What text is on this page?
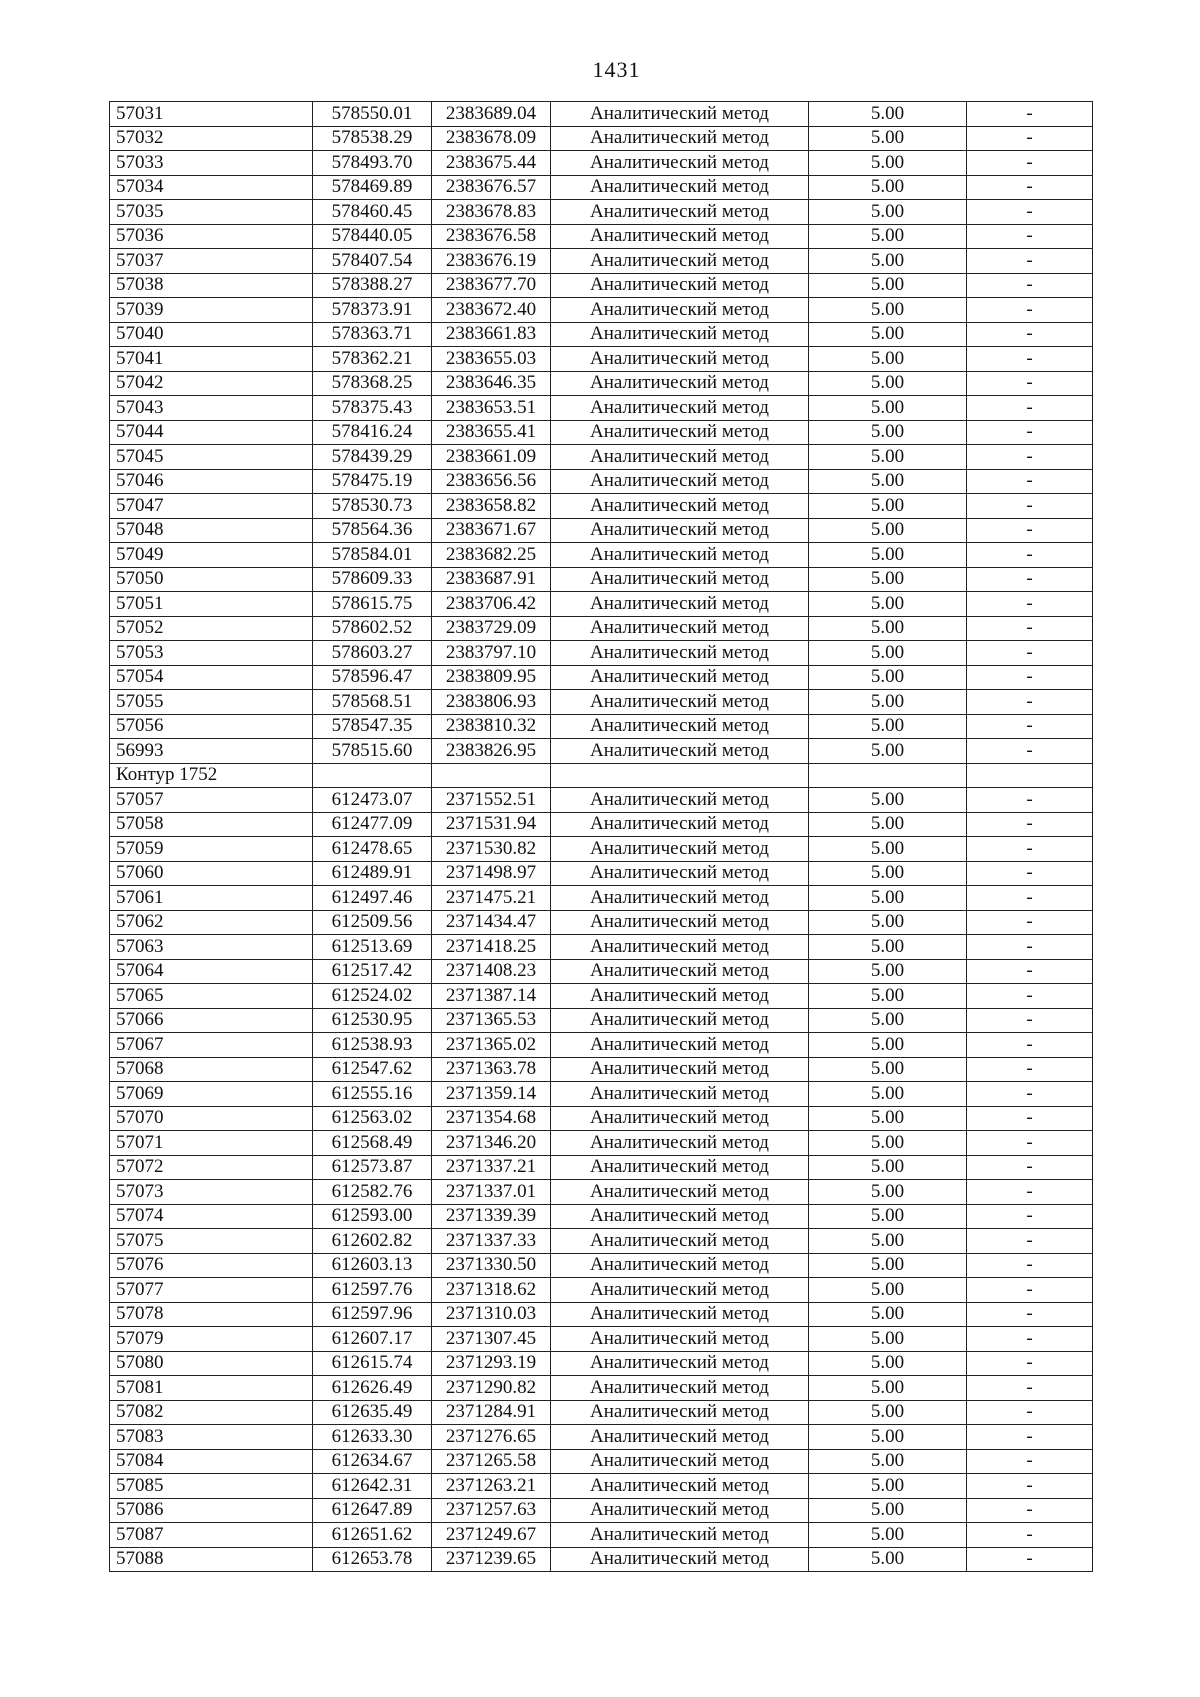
1431
57031	578550.01	2383689.04	Аналитический метод	5.00	-
57032	578538.29	2383678.09	Аналитический метод	5.00	-
57033	578493.70	2383675.44	Аналитический метод	5.00	-
57034	578469.89	2383676.57	Аналитический метод	5.00	-
57035	578460.45	2383678.83	Аналитический метод	5.00	-
57036	578440.05	2383676.58	Аналитический метод	5.00	-
57037	578407.54	2383676.19	Аналитический метод	5.00	-
57038	578388.27	2383677.70	Аналитический метод	5.00	-
57039	578373.91	2383672.40	Аналитический метод	5.00	-
57040	578363.71	2383661.83	Аналитический метод	5.00	-
57041	578362.21	2383655.03	Аналитический метод	5.00	-
57042	578368.25	2383646.35	Аналитический метод	5.00	-
57043	578375.43	2383653.51	Аналитический метод	5.00	-
57044	578416.24	2383655.41	Аналитический метод	5.00	-
57045	578439.29	2383661.09	Аналитический метод	5.00	-
57046	578475.19	2383656.56	Аналитический метод	5.00	-
57047	578530.73	2383658.82	Аналитический метод	5.00	-
57048	578564.36	2383671.67	Аналитический метод	5.00	-
57049	578584.01	2383682.25	Аналитический метод	5.00	-
57050	578609.33	2383687.91	Аналитический метод	5.00	-
57051	578615.75	2383706.42	Аналитический метод	5.00	-
57052	578602.52	2383729.09	Аналитический метод	5.00	-
57053	578603.27	2383797.10	Аналитический метод	5.00	-
57054	578596.47	2383809.95	Аналитический метод	5.00	-
57055	578568.51	2383806.93	Аналитический метод	5.00	-
57056	578547.35	2383810.32	Аналитический метод	5.00	-
56993	578515.60	2383826.95	Аналитический метод	5.00	-
Контур 1752					
57057	612473.07	2371552.51	Аналитический метод	5.00	-
57058	612477.09	2371531.94	Аналитический метод	5.00	-
57059	612478.65	2371530.82	Аналитический метод	5.00	-
57060	612489.91	2371498.97	Аналитический метод	5.00	-
57061	612497.46	2371475.21	Аналитический метод	5.00	-
57062	612509.56	2371434.47	Аналитический метод	5.00	-
57063	612513.69	2371418.25	Аналитический метод	5.00	-
57064	612517.42	2371408.23	Аналитический метод	5.00	-
57065	612524.02	2371387.14	Аналитический метод	5.00	-
57066	612530.95	2371365.53	Аналитический метод	5.00	-
57067	612538.93	2371365.02	Аналитический метод	5.00	-
57068	612547.62	2371363.78	Аналитический метод	5.00	-
57069	612555.16	2371359.14	Аналитический метод	5.00	-
57070	612563.02	2371354.68	Аналитический метод	5.00	-
57071	612568.49	2371346.20	Аналитический метод	5.00	-
57072	612573.87	2371337.21	Аналитический метод	5.00	-
57073	612582.76	2371337.01	Аналитический метод	5.00	-
57074	612593.00	2371339.39	Аналитический метод	5.00	-
57075	612602.82	2371337.33	Аналитический метод	5.00	-
57076	612603.13	2371330.50	Аналитический метод	5.00	-
57077	612597.76	2371318.62	Аналитический метод	5.00	-
57078	612597.96	2371310.03	Аналитический метод	5.00	-
57079	612607.17	2371307.45	Аналитический метод	5.00	-
57080	612615.74	2371293.19	Аналитический метод	5.00	-
57081	612626.49	2371290.82	Аналитический метод	5.00	-
57082	612635.49	2371284.91	Аналитический метод	5.00	-
57083	612633.30	2371276.65	Аналитический метод	5.00	-
57084	612634.67	2371265.58	Аналитический метод	5.00	-
57085	612642.31	2371263.21	Аналитический метод	5.00	-
57086	612647.89	2371257.63	Аналитический метод	5.00	-
57087	612651.62	2371249.67	Аналитический метод	5.00	-
57088	612653.78	2371239.65	Аналитический метод	5.00	-
